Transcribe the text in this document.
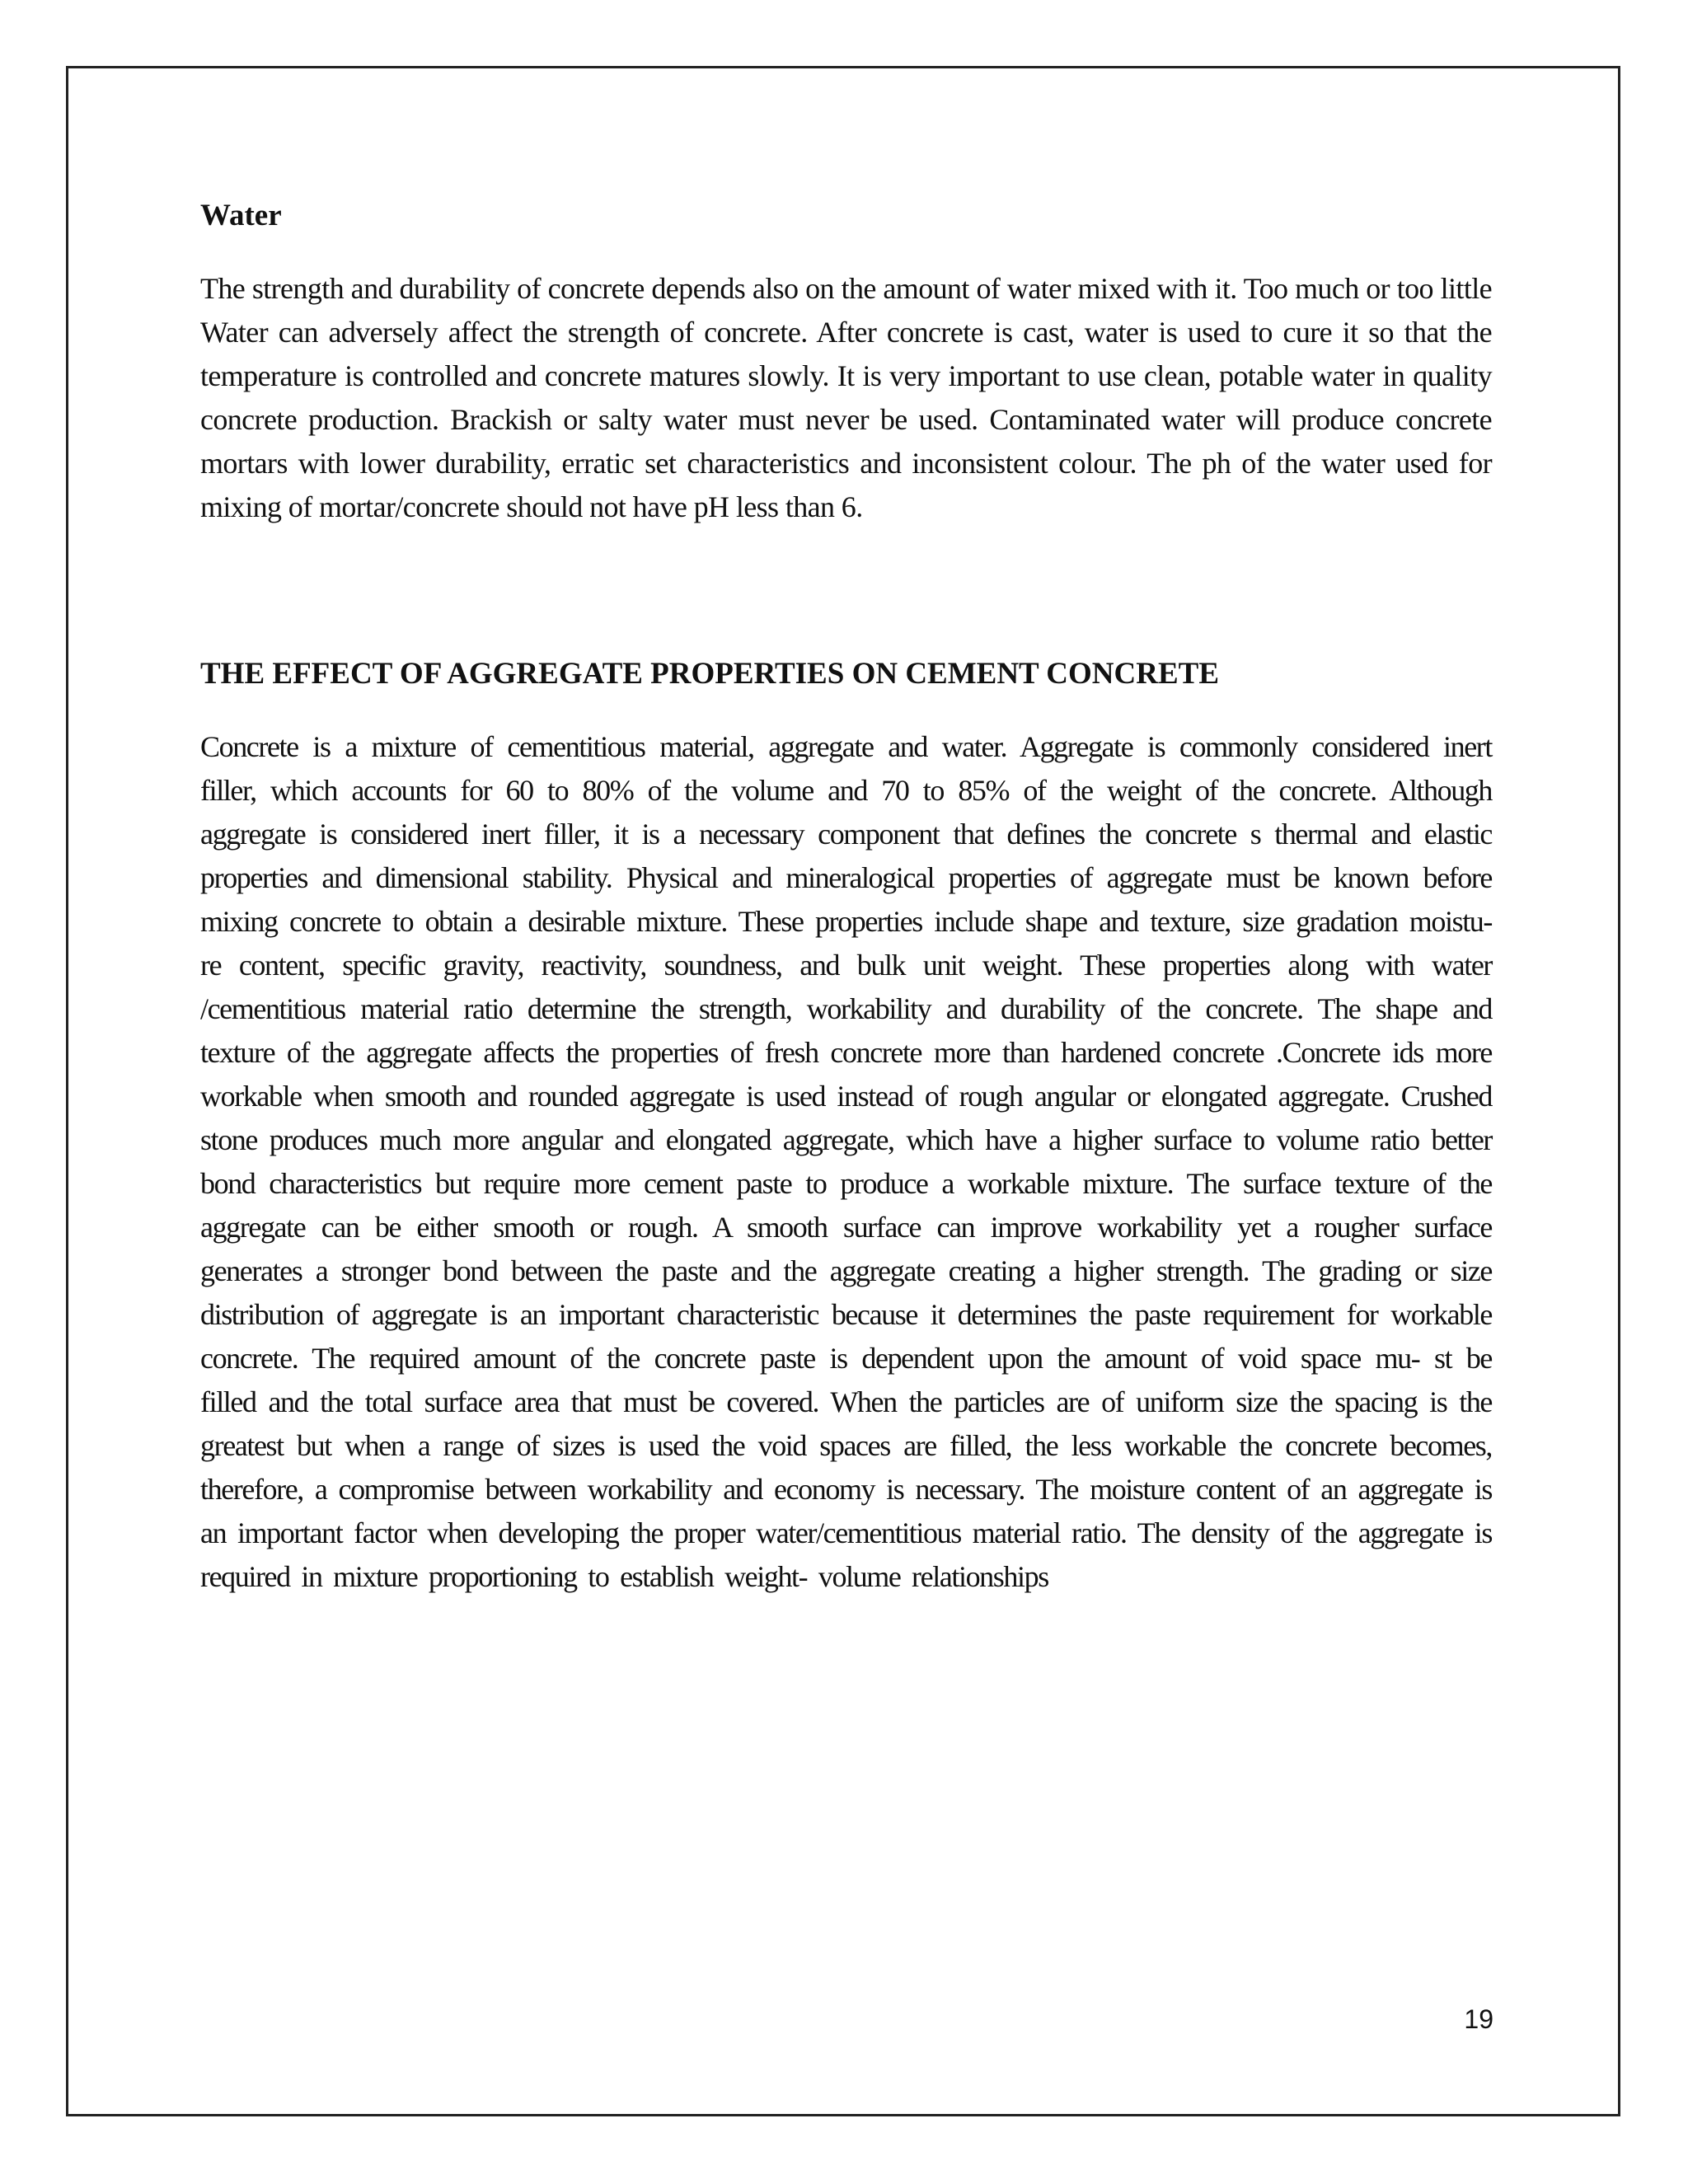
Water

The strength and durability of concrete depends also on the amount of water mixed with it. Too much or too little Water can adversely affect the strength of concrete. After concrete is cast, water is used to cure it so that the temperature is controlled and concrete matures slowly. It is very important to use clean, potable water in quality concrete production. Brackish or salty water must never be used. Contaminated water will produce concrete mortars with lower durability, erratic set characteristics and inconsistent colour. The ph of the water used for mixing of mortar/concrete should not have pH less than 6.

THE EFFECT OF AGGREGATE PROPERTIES ON CEMENT CONCRETE

Concrete is a mixture of cementitious material, aggregate and water. Aggregate is commonly considered inert filler, which accounts for 60 to 80% of the volume and 70 to 85% of the weight of the concrete. Although aggregate is considered inert filler, it is a necessary component that defines the concrete s thermal and elastic properties and dimensional stability. Physical and mineralogical properties of aggregate must be known before mixing concrete to obtain a desirable mixture. These properties include shape and texture, size gradation moistu- re content, specific gravity, reactivity, soundness, and bulk unit weight. These properties along with water /cementitious material ratio determine the strength, workability and durability of the concrete. The shape and texture of the aggregate affects the properties of fresh concrete more than hardened concrete .Concrete ids more workable when smooth and rounded aggregate is used instead of rough angular or elongated aggregate. Crushed stone produces much more angular and elongated aggregate, which have a higher surface to volume ratio better bond characteristics but require more cement paste to produce a workable mixture. The surface texture of the aggregate can be either smooth or rough. A smooth surface can improve workability yet a rougher surface generates a stronger bond between the paste and the aggregate creating a higher strength. The grading or size distribution of aggregate is an important characteristic because it determines the paste requirement for workable concrete. The required amount of the concrete paste is dependent upon the amount of void space mu- st be filled and the total surface area that must be covered. When the particles are of uniform size the spacing is the greatest but when a range of sizes is used the void spaces are filled, the less workable the concrete becomes, therefore, a compromise between workability and economy is necessary. The moisture content of an aggregate is an important factor when developing the proper water/cementitious material ratio. The density of the aggregate is required in mixture proportioning to establish weight- volume relationships

19
